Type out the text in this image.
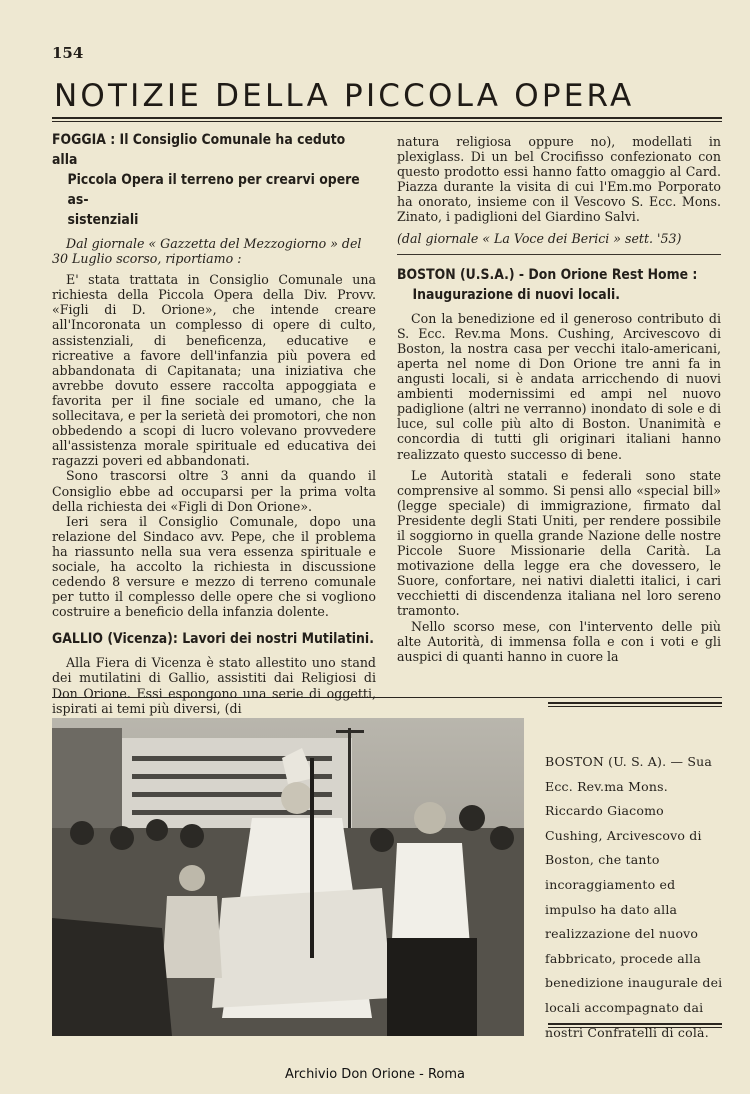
154
NOTIZIE DELLA PICCOLA OPERA
FOGGIA : Il Consiglio Comunale ha ceduto alla
Piccola Opera il terreno per crearvi opere as-
sistenziali
Dal giornale « Gazzetta del Mezzogiorno » del
30 Luglio scorso, riportiamo :

E' stata trattata in Consiglio Comunale una richiesta della Piccola Opera della Div. Provv. «Figli di D. Orione», che intende creare all'Incoronata un complesso di opere di culto, assistenziali, di beneficenza, educative e ricreative a favore dell'infanzia più povera ed abbandonata di Capitanata; una iniziativa che avrebbe dovuto essere raccolta appoggiata e favorita per il fine sociale ed umano, che la sollecitava, e per la serietà dei promotori, che non obbedendo a scopi di lucro volevano provvedere all'assistenza morale spirituale ed educativa dei ragazzi poveri ed abbandonati.

Sono trascorsi oltre 3 anni da quando il Consiglio ebbe ad occuparsi per la prima volta della richiesta dei «Figli di Don Orione».

Ieri sera il Consiglio Comunale, dopo una relazione del Sindaco avv. Pepe, che il problema ha riassunto nella sua vera essenza spirituale e sociale, ha accolto la richiesta in discussione cedendo 8 versure e mezzo di terreno comunale per tutto il complesso delle opere che si vogliono costruire a beneficio della infanzia dolente.

GALLIO (Vicenza): Lavori dei nostri Mutilatini.

Alla Fiera di Vicenza è stato allestito uno stand dei mutilatini di Gallio, assistiti dai Religiosi di Don Orione. Essi espongono una serie di oggetti, ispirati ai temi più diversi, (di

natura religiosa oppure no), modellati in plexiglass. Di un bel Crocifisso confezionato con questo prodotto essi hanno fatto omaggio al Card. Piazza durante la visita di cui l'Em.mo Porporato ha onorato, insieme con il Vescovo S. Ecc. Mons. Zinato, i padiglioni del Giardino Salvi.

(dal giornale « La Voce dei Berici » sett. '53)
BOSTON (U.S.A.) - Don Orione Rest Home :
Inaugurazione di nuovi locali.

Con la benedizione ed il generoso contributo di S. Ecc. Rev.ma Mons. Cushing, Arcivescovo di Boston, la nostra casa per vecchi italo-americani, aperta nel nome di Don Orione tre anni fa in angusti locali, si è andata arricchendo di nuovi ambienti modernissimi ed ampi nel nuovo padiglione (altri ne verranno) inondato di sole e di luce, sul colle più alto di Boston. Unanimità e concordia di tutti gli originari italiani hanno realizzato questo successo di bene.

Le Autorità statali e federali sono state comprensive al sommo. Si pensi allo «special bill» (legge speciale) di immigrazione, firmato dal Presidente degli Stati Uniti, per rendere possibile il soggiorno in quella grande Nazione delle nostre Piccole Suore Missionarie della Carità. La motivazione della legge era che dovessero, le Suore, confortare, nei nativi dialetti italici, i cari vecchietti di discendenza italiana nel loro sereno tramonto.

Nello scorso mese, con l'intervento delle più alte Autorità, di immensa folla e con i voti e gli auspici di quanti hanno in cuore la

BOSTON (U. S. A). — Sua Ecc. Rev.ma Mons. Riccardo Giacomo Cushing, Arcivescovo di Boston, che tanto incoraggiamento ed impulso ha dato alla realizzazione del nuovo fabbricato, procede alla benedizione inaugurale dei locali accompagnato dai nostri Confratelli di colà.
Archivio Don Orione - Roma
